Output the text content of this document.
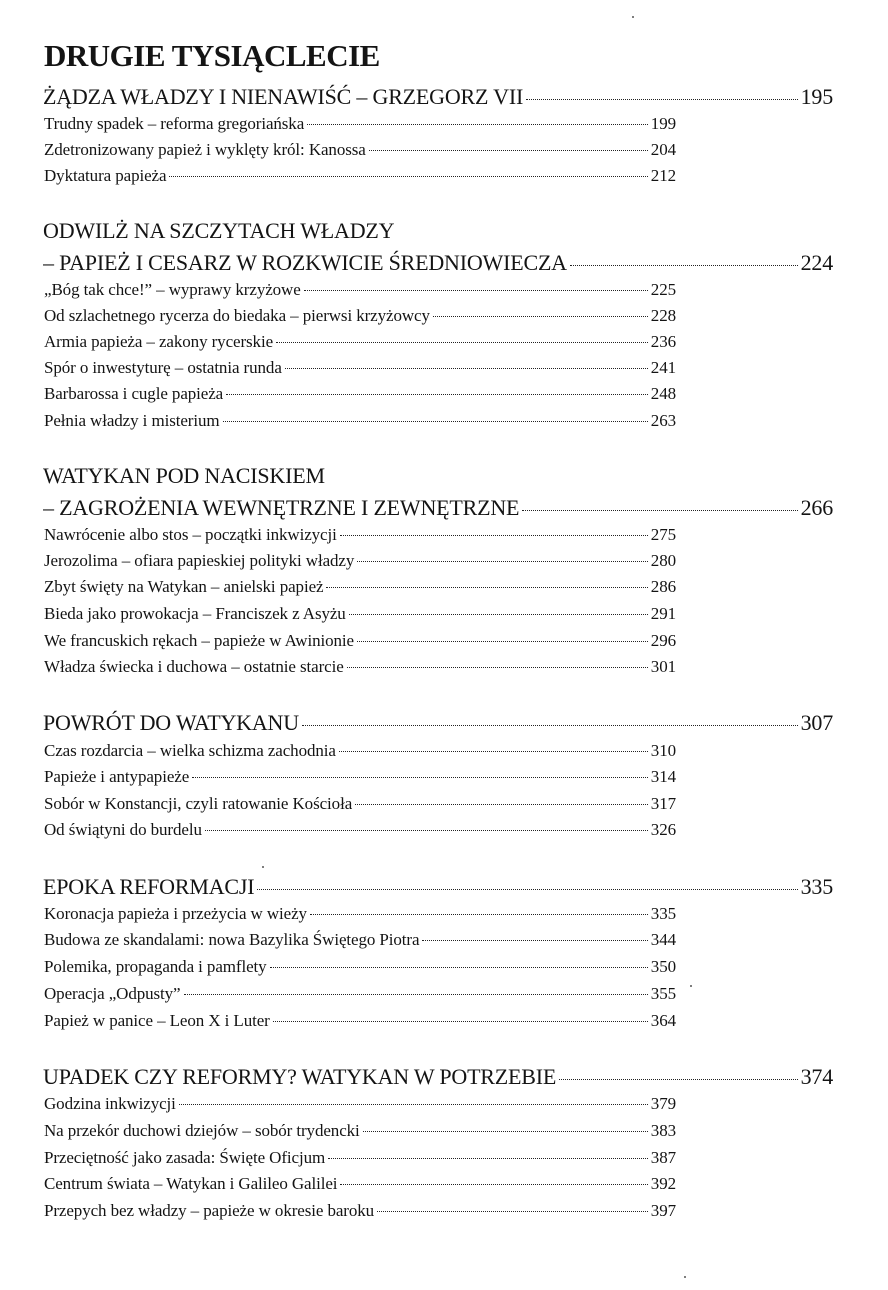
DRUGIE TYSIĄCLECIE
ŻĄDZA WŁADZY I NIENAWIŚĆ – GRZEGORZ VII	195
Trudny spadek – reforma gregoriańska	199
Zdetronizowany papież i wyklęty król: Kanossa	204
Dyktatura papieża	212
ODWILŻ NA SZCZYTACH WŁADZY
– PAPIEŻ I CESARZ W ROZKWICIE ŚREDNIOWIECZA	224
„Bóg tak chce!” – wyprawy krzyżowe	225
Od szlachetnego rycerza do biedaka – pierwsi krzyżowcy	228
Armia papieża – zakony rycerskie	236
Spór o inwestyturę – ostatnia runda	241
Barbarossa i cugle papieża	248
Pełnia władzy i misterium	263
WATYKAN POD NACISKIEM
– ZAGROŻENIA WEWNĘTRZNE I ZEWNĘTRZNE	266
Nawrócenie albo stos – początki inkwizycji	275
Jerozolima – ofiara papieskiej polityki władzy	280
Zbyt święty na Watykan – anielski papież	286
Bieda jako prowokacja – Franciszek z Asyżu	291
We francuskich rękach – papieże w Awinionie	296
Władza świecka i duchowa – ostatnie starcie	301
POWRÓT DO WATYKANU	307
Czas rozdarcia – wielka schizma zachodnia	310
Papieże i antypapieże	314
Sobór w Konstancji, czyli ratowanie Kościoła	317
Od świątyni do burdelu	326
EPOKA REFORMACJI	335
Koronacja papieża i przeżycia w wieży	335
Budowa ze skandalami: nowa Bazylika Świętego Piotra	344
Polemika, propaganda i pamflety	350
Operacja „Odpusty”	355
Papież w panice – Leon X i Luter	364
UPADEK CZY REFORMY? WATYKAN W POTRZEBIE	374
Godzina inkwizycji	379
Na przekór duchowi dziejów – sobór trydencki	383
Przeciętność jako zasada: Święte Oficjum	387
Centrum świata – Watykan i Galileo Galilei	392
Przepych bez władzy – papieże w okresie baroku	397
